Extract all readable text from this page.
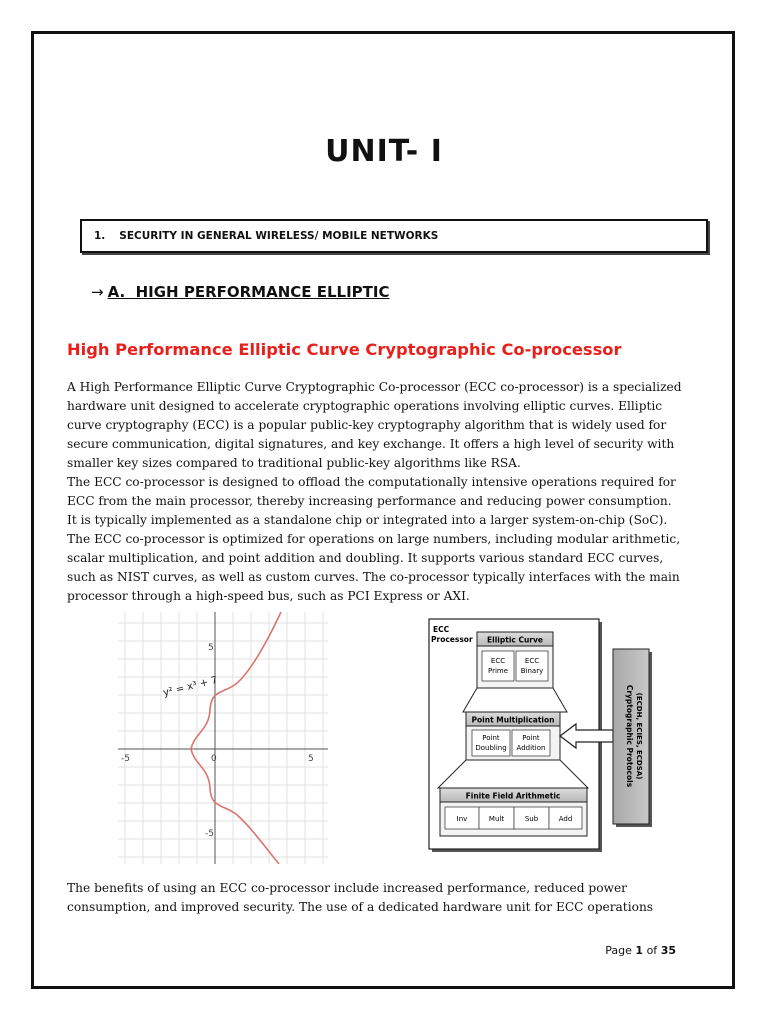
UNIT- I
1. SECURITY IN GENERAL WIRELESS/ MOBILE NETWORKS
→ A.  HIGH PERFORMANCE ELLIPTIC
High Performance Elliptic Curve Cryptographic Co-processor
A High Performance Elliptic Curve Cryptographic Co-processor (ECC co-processor) is a specialized
hardware unit designed to accelerate cryptographic operations involving elliptic curves. Elliptic
curve cryptography (ECC) is a popular public-key cryptography algorithm that is widely used for
secure communication, digital signatures, and key exchange. It offers a high level of security with
smaller key sizes compared to traditional public-key algorithms like RSA.
The ECC co-processor is designed to offload the computationally intensive operations required for
ECC from the main processor, thereby increasing performance and reducing power consumption.
It is typically implemented as a standalone chip or integrated into a larger system-on-chip (SoC).
The ECC co-processor is optimized for operations on large numbers, including modular arithmetic,
scalar multiplication, and point addition and doubling. It supports various standard ECC curves,
such as NIST curves, as well as custom curves. The co-processor typically interfaces with the main
processor through a high-speed bus, such as PCI Express or AXI.
y² = x³ + 7
-5	0	5
5
-5
ECC
Processor Elliptic Curve
ECC
Prime
ECC
Binary
Point Multiplication
Point
Doubling
Point
Addition
Finite Field Arithmetic
Inv	Mult	Sub	Add
Cryptographic Protocols (ECDH, ECIES, ECDSA)
The benefits of using an ECC co-processor include increased performance, reduced power
consumption, and improved security. The use of a dedicated hardware unit for ECC operations
Page 1 of 35
